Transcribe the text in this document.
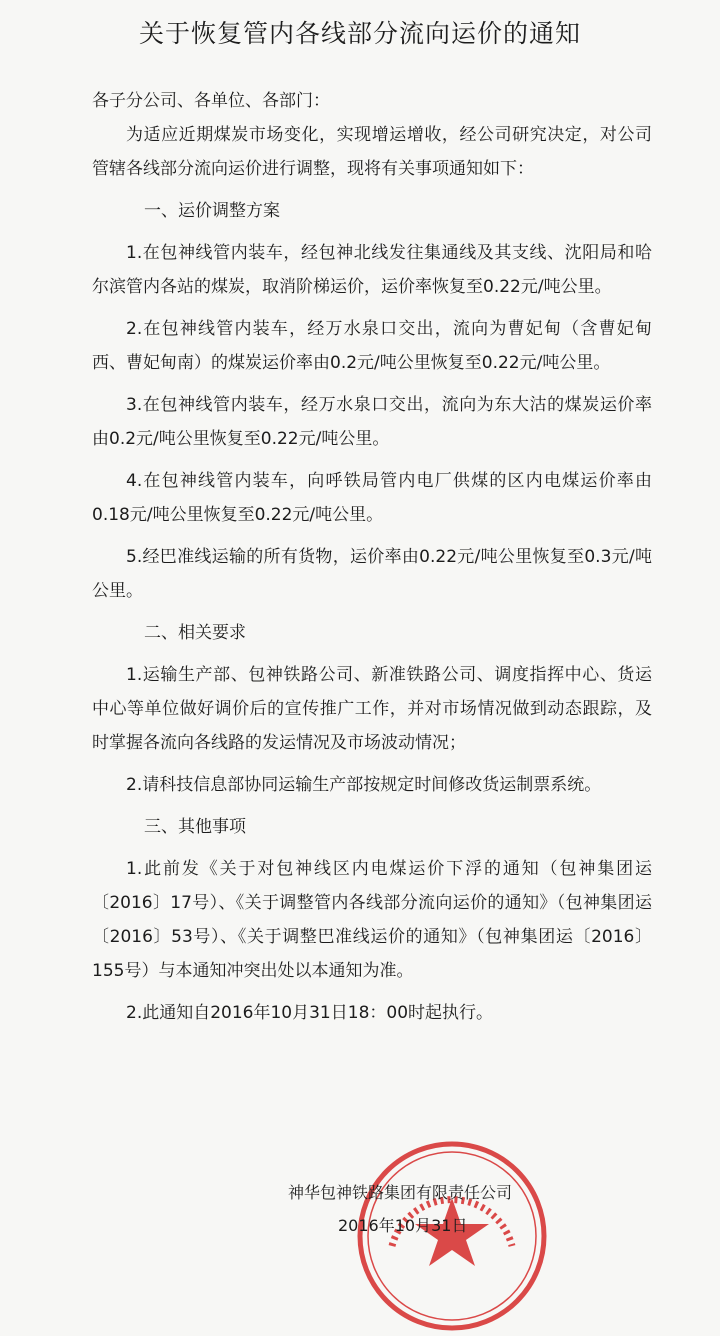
关于恢复管内各线部分流向运价的通知

各子分公司、各单位、各部门：

为适应近期煤炭市场变化，实现增运增收，经公司研究决定，对公司管辖各线部分流向运价进行调整，现将有关事项通知如下：

一、运价调整方案

1.在包神线管内装车，经包神北线发往集通线及其支线、沈阳局和哈尔滨管内各站的煤炭，取消阶梯运价，运价率恢复至0.22元/吨公里。

2.在包神线管内装车，经万水泉口交出，流向为曹妃甸（含曹妃甸西、曹妃甸南）的煤炭运价率由0.2元/吨公里恢复至0.22元/吨公里。

3.在包神线管内装车，经万水泉口交出，流向为东大沽的煤炭运价率由0.2元/吨公里恢复至0.22元/吨公里。

4.在包神线管内装车，向呼铁局管内电厂供煤的区内电煤运价率由0.18元/吨公里恢复至0.22元/吨公里。

5.经巴准线运输的所有货物，运价率由0.22元/吨公里恢复至0.3元/吨公里。

二、相关要求

1.运输生产部、包神铁路公司、新准铁路公司、调度指挥中心、货运中心等单位做好调价后的宣传推广工作，并对市场情况做到动态跟踪，及时掌握各流向各线路的发运情况及市场波动情况；

2.请科技信息部协同运输生产部按规定时间修改货运制票系统。

三、其他事项

1.此前发《关于对包神线区内电煤运价下浮的通知（包神集团运〔2016〕17号）、《关于调整管内各线部分流向运价的通知》（包神集团运〔2016〕53号）、《关于调整巴准线运价的通知》（包神集团运〔2016〕155号）与本通知冲突出处以本通知为准。

2.此通知自2016年10月31日18：00时起执行。

神华包神铁路集团有限责任公司
2016年10月31日
